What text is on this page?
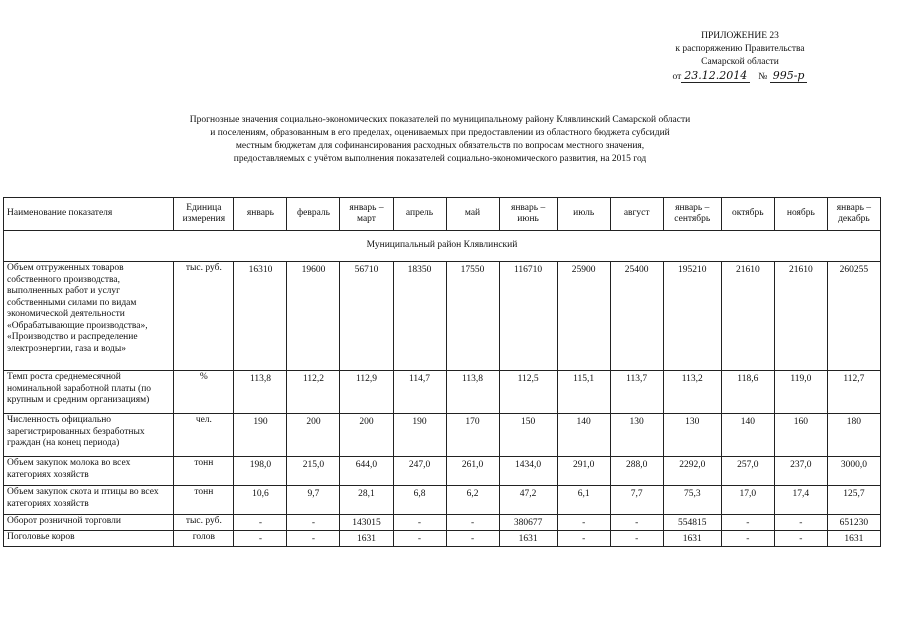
ПРИЛОЖЕНИЕ 23
к распоряжению Правительства
Самарской области
от 23.12.2014	№ 995-р
Прогнозные значения социально-экономических показателей по муниципальному району Клявлинский Самарской области
и поселениям, образованным в его пределах, оцениваемых при предоставлении из областного бюджета субсидий
местным бюджетам для софинансирования расходных обязательств по вопросам местного значения,
предоставляемых с учётом выполнения показателей социально-экономического развития, на 2015 год
Наименование показателя	Единица измерения	январь	февраль	январь – март	апрель	май	январь – июнь	июль	август	январь – сентябрь	октябрь	ноябрь	январь – декабрь
Муниципальный район Клявлинский													
Объем отгруженных товаров собственного производства, выполненных работ и услуг собственными силами по видам экономической деятельности «Обрабатывающие производства», «Производство и распределение электроэнергии, газа и воды»	тыс. руб.	16310	19600	56710	18350	17550	116710	25900	25400	195210	21610	21610	260255
Темп роста среднемесячной номинальной заработной платы (по крупным и средним организациям)	%	113,8	112,2	112,9	114,7	113,8	112,5	115,1	113,7	113,2	118,6	119,0	112,7
Численность официально зарегистрированных безработных граждан (на конец периода)	чел.	190	200	200	190	170	150	140	130	130	140	160	180
Объем закупок молока во всех категориях хозяйств	тонн	198,0	215,0	644,0	247,0	261,0	1434,0	291,0	288,0	2292,0	257,0	237,0	3000,0
Объем закупок скота и птицы во всех категориях хозяйств	тонн	10,6	9,7	28,1	6,8	6,2	47,2	6,1	7,7	75,3	17,0	17,4	125,7
Оборот розничной торговли	тыс. руб.	-	-	143015	-	-	380677	-	-	554815	-	-	651230
Поголовье коров	голов	-	-	1631	-	-	1631	-	-	1631	-	-	1631
